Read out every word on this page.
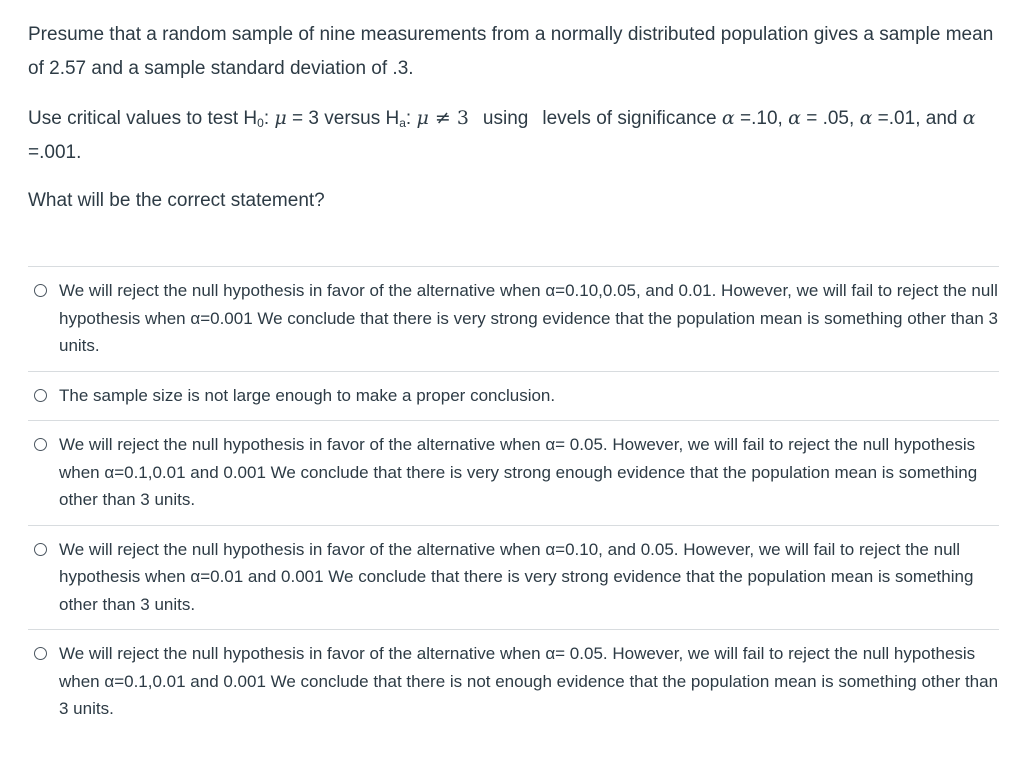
Presume that a random sample of nine measurements from a normally distributed population gives a sample mean of 2.57 and a sample standard deviation of .3.

Use critical values to test $H_0$: μ = 3 versus $H_a$: μ ≠ 3 using levels of significance α =.10, α = .05, α =.01, and α =.001.

What will be the correct statement?

We will reject the null hypothesis in favor of the alternative when α=0.10,0.05, and 0.01. However, we will fail to reject the null hypothesis when α=0.001 We conclude that there is very strong evidence that the population mean is something other than 3 units.
The sample size is not large enough to make a proper conclusion.
We will reject the null hypothesis in favor of the alternative when α= 0.05. However, we will fail to reject the null hypothesis when α=0.1,0.01 and 0.001 We conclude that there is very strong enough evidence that the population mean is something other than 3 units.
We will reject the null hypothesis in favor of the alternative when α=0.10, and 0.05. However, we will fail to reject the null hypothesis when α=0.01 and 0.001 We conclude that there is very strong evidence that the population mean is something other than 3 units.
We will reject the null hypothesis in favor of the alternative when α= 0.05. However, we will fail to reject the null hypothesis when α=0.1,0.01 and 0.001 We conclude that there is not enough evidence that the population mean is something other than 3 units.
